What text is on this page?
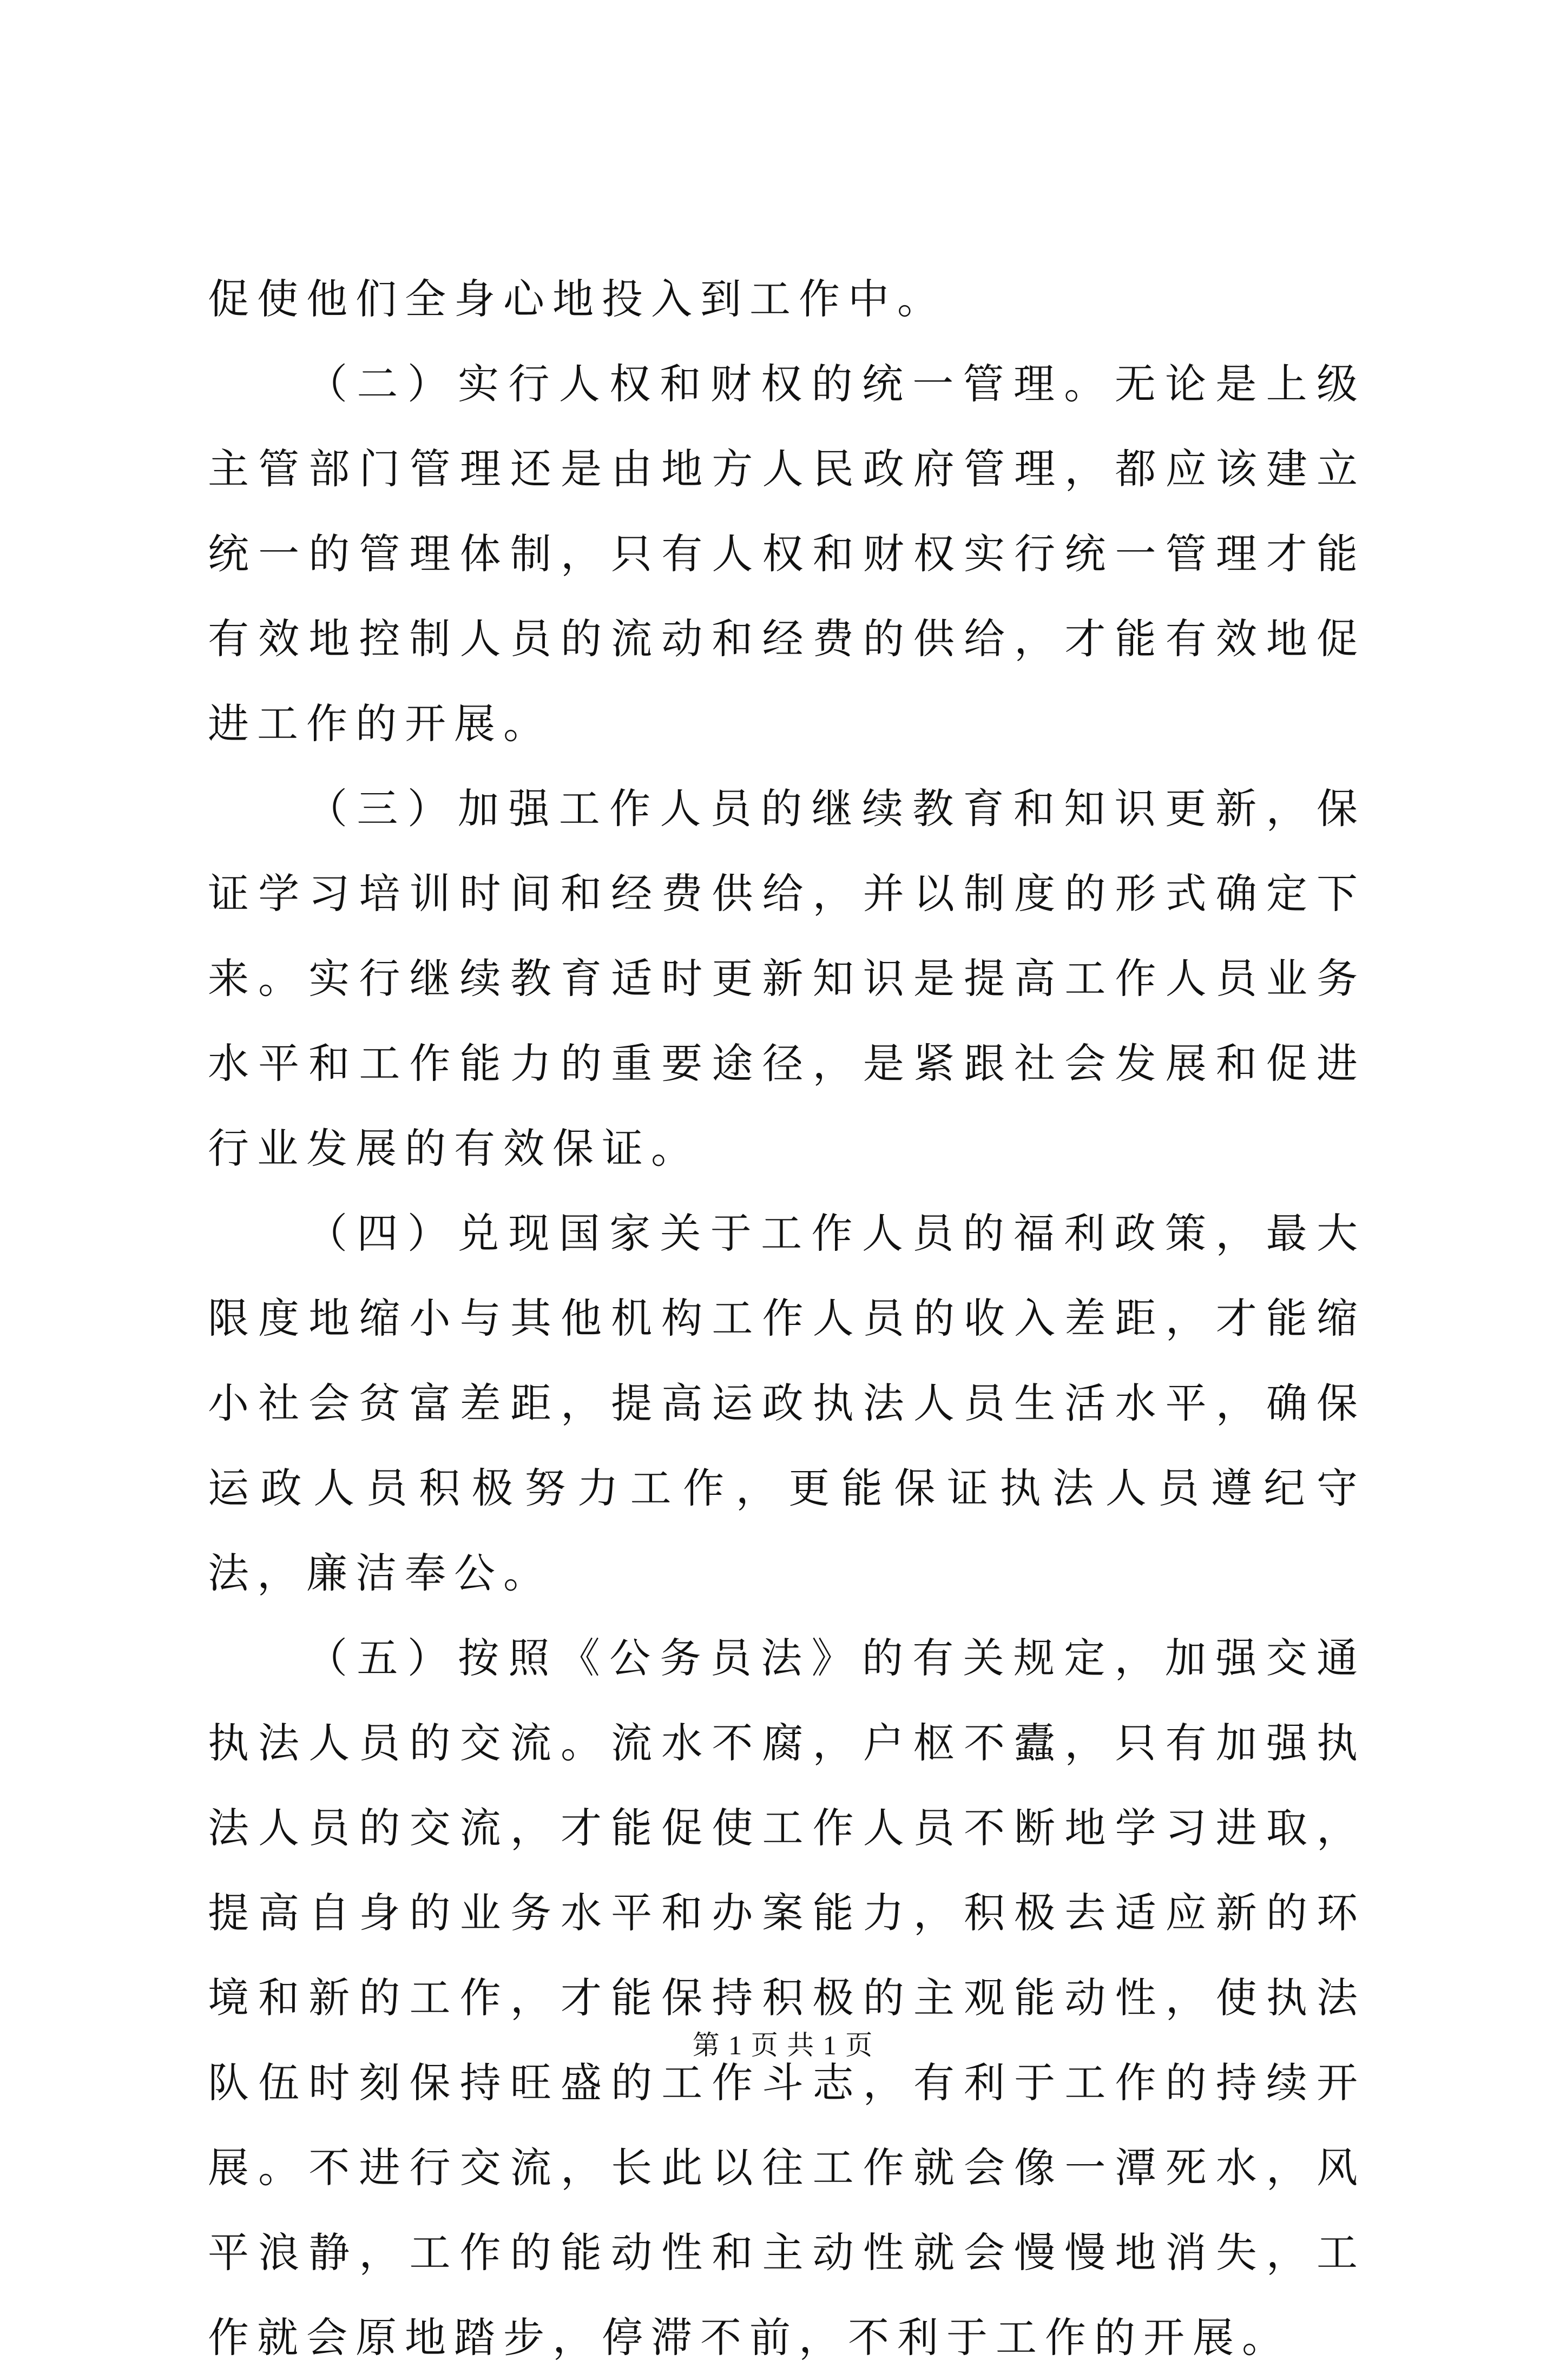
促使他们全身心地投入到工作中。

（二）实行人权和财权的统一管理。无论是上级主管部门管理还是由地方人民政府管理，都应该建立统一的管理体制，只有人权和财权实行统一管理才能有效地控制人员的流动和经费的供给，才能有效地促进工作的开展。

（三）加强工作人员的继续教育和知识更新，保证学习培训时间和经费供给，并以制度的形式确定下来。实行继续教育适时更新知识是提高工作人员业务水平和工作能力的重要途径，是紧跟社会发展和促进行业发展的有效保证。

（四）兑现国家关于工作人员的福利政策，最大限度地缩小与其他机构工作人员的收入差距，才能缩小社会贫富差距，提高运政执法人员生活水平，确保运政人员积极努力工作，更能保证执法人员遵纪守法，廉洁奉公。

（五）按照《公务员法》的有关规定，加强交通执法人员的交流。流水不腐，户枢不蠹，只有加强执法人员的交流，才能促使工作人员不断地学习进取，提高自身的业务水平和办案能力，积极去适应新的环境和新的工作，才能保持积极的主观能动性，使执法队伍时刻保持旺盛的工作斗志，有利于工作的持续开展。不进行交流，长此以往工作就会像一潭死水，风平浪静，工作的能动性和主动性就会慢慢地消失，工作就会原地踏步，停滞不前，不利于工作的开展。

第 1 页 共 1 页
